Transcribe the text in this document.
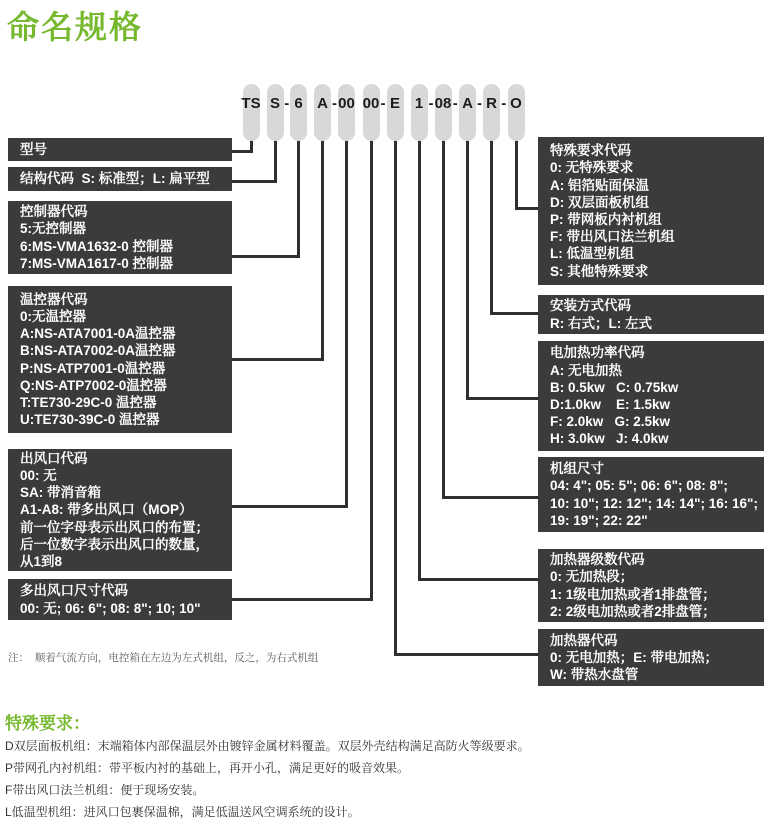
命名规格
TS S - 6 A - 00 00 - E 1 - 08 - A - R - O
型号
结构代码  S: 标准型；L: 扁平型
控制器代码
5:无控制器
6:MS-VMA1632-0 控制器
7:MS-VMA1617-0 控制器
温控器代码
0:无温控器
A:NS-ATA7001-0A温控器
B:NS-ATA7002-0A温控器
P:NS-ATP7001-0温控器
Q:NS-ATP7002-0温控器
T:TE730-29C-0 温控器
U:TE730-39C-0 温控器
出风口代码
00: 无
SA: 带消音箱
A1-A8: 带多出风口（MOP）
前一位字母表示出风口的布置；
后一位数字表示出风口的数量，
从1到8
多出风口尺寸代码
00: 无; 06: 6"; 08: 8"; 10; 10"
特殊要求代码
0: 无特殊要求
A: 铝箔贴面保温
D: 双层面板机组
P: 带网板内衬机组
F: 带出风口法兰机组
L: 低温型机组
S: 其他特殊要求
安装方式代码
R: 右式；L: 左式
电加热功率代码
A: 无电加热
B: 0.5kw   C: 0.75kw
D:1.0kw    E: 1.5kw
F: 2.0kw   G: 2.5kw
H: 3.0kw   J: 4.0kw
机组尺寸
04: 4"; 05: 5"; 06: 6"; 08: 8";
10: 10"; 12: 12"; 14: 14"; 16: 16";
19: 19"; 22: 22"
加热器级数代码
0: 无加热段；
1: 1级电加热或者1排盘管；
2: 2级电加热或者2排盘管；
加热器代码
0: 无电加热；E: 带电加热；
W: 带热水盘管
注：  顺着气流方向，电控箱在左边为左式机组，反之，为右式机组
特殊要求：
D双层面板机组：末端箱体内部保温层外由镀锌金属材料覆盖。双层外壳结构满足高防火等级要求。
P带网孔内衬机组：带平板内衬的基础上，再开小孔，满足更好的吸音效果。
F带出风口法兰机组：便于现场安装。
L低温型机组：进风口包裹保温棉，满足低温送风空调系统的设计。
